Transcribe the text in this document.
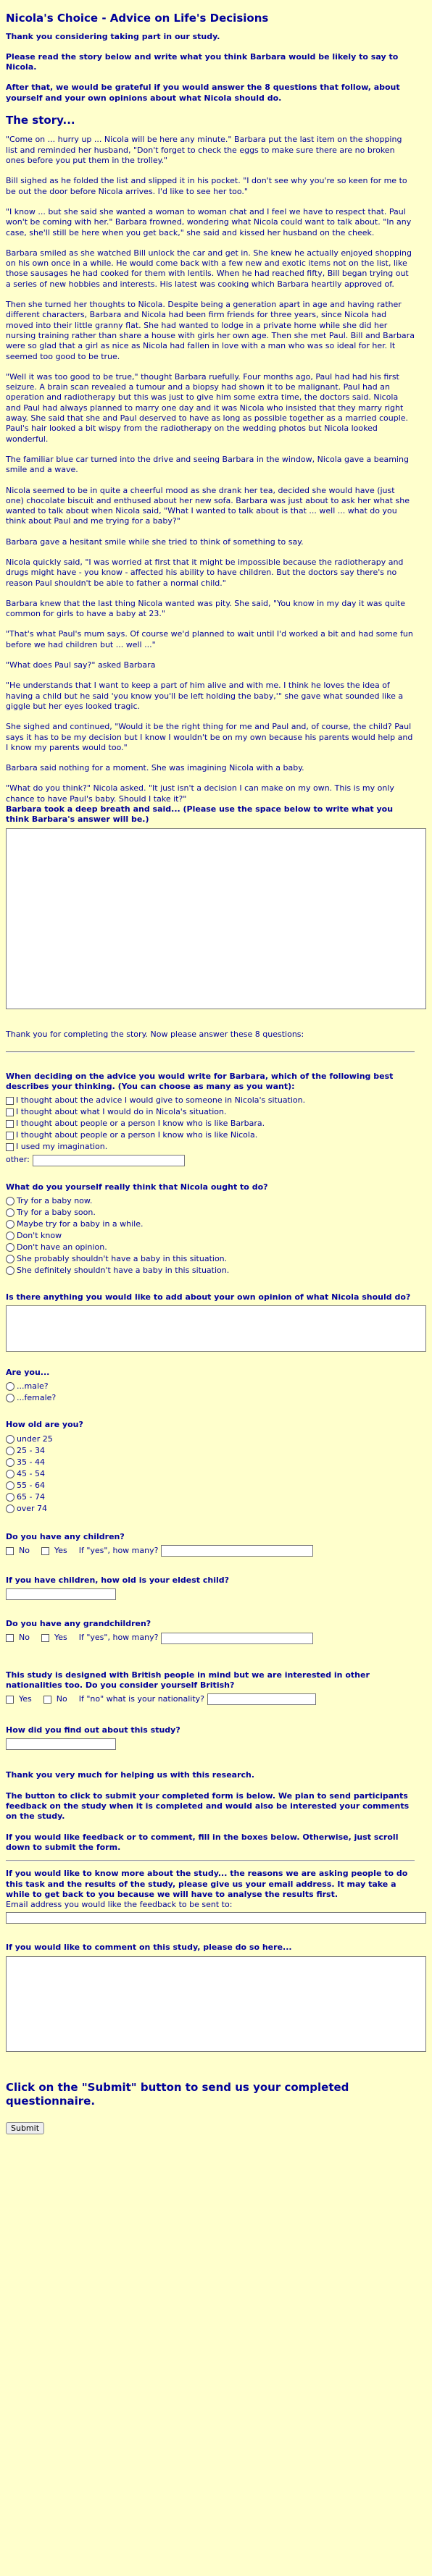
Nicola's Choice - Advice on Life's Decisions

Thank you considering taking part in our study.

Please read the story below and write what you think Barbara would be likely to say to Nicola.

After that, we would be grateful if you would answer the 8 questions that follow, about yourself and your own opinions about what Nicola should do.

The story...

"Come on ... hurry up ... Nicola will be here any minute." Barbara put the last item on the shopping list and reminded her husband, "Don't forget to check the eggs to make sure there are no broken ones before you put them in the trolley."

Bill sighed as he folded the list and slipped it in his pocket. "I don't see why you're so keen for me to be out the door before Nicola arrives. I'd like to see her too."

"I know ... but she said she wanted a woman to woman chat and I feel we have to respect that. Paul won't be coming with her." Barbara frowned, wondering what Nicola could want to talk about. "In any case, she'll still be here when you get back," she said and kissed her husband on the cheek.

Barbara smiled as she watched Bill unlock the car and get in. She knew he actually enjoyed shopping on his own once in a while. He would come back with a few new and exotic items not on the list, like those sausages he had cooked for them with lentils. When he had reached fifty, Bill began trying out a series of new hobbies and interests. His latest was cooking which Barbara heartily approved of.

Then she turned her thoughts to Nicola. Despite being a generation apart in age and having rather different characters, Barbara and Nicola had been firm friends for three years, since Nicola had moved into their little granny flat. She had wanted to lodge in a private home while she did her nursing training rather than share a house with girls her own age. Then she met Paul. Bill and Barbara were so glad that a girl as nice as Nicola had fallen in love with a man who was so ideal for her. It seemed too good to be true.

"Well it was too good to be true," thought Barbara ruefully. Four months ago, Paul had had his first seizure. A brain scan revealed a tumour and a biopsy had shown it to be malignant. Paul had an operation and radiotherapy but this was just to give him some extra time, the doctors said. Nicola and Paul had always planned to marry one day and it was Nicola who insisted that they marry right away. She said that she and Paul deserved to have as long as possible together as a married couple. Paul's hair looked a bit wispy from the radiotherapy on the wedding photos but Nicola looked wonderful.

The familiar blue car turned into the drive and seeing Barbara in the window, Nicola gave a beaming smile and a wave.

Nicola seemed to be in quite a cheerful mood as she drank her tea, decided she would have (just one) chocolate biscuit and enthused about her new sofa. Barbara was just about to ask her what she wanted to talk about when Nicola said, "What I wanted to talk about is that ... well ... what do you think about Paul and me trying for a baby?"

Barbara gave a hesitant smile while she tried to think of something to say.

Nicola quickly said, "I was worried at first that it might be impossible because the radiotherapy and drugs might have - you know - affected his ability to have children. But the doctors say there's no reason Paul shouldn't be able to father a normal child."

Barbara knew that the last thing Nicola wanted was pity. She said, "You know in my day it was quite common for girls to have a baby at 23."

"That's what Paul's mum says. Of course we'd planned to wait until I'd worked a bit and had some fun before we had children but ... well ..."

"What does Paul say?" asked Barbara

"He understands that I want to keep a part of him alive and with me. I think he loves the idea of having a child but he said 'you know you'll be left holding the baby,'" she gave what sounded like a giggle but her eyes looked tragic.

She sighed and continued, "Would it be the right thing for me and Paul and, of course, the child? Paul says it has to be my decision but I know I wouldn't be on my own because his parents would help and I know my parents would too."

Barbara said nothing for a moment. She was imagining Nicola with a baby.

"What do you think?" Nicola asked. "It just isn't a decision I can make on my own. This is my only chance to have Paul's baby. Should I take it?"

Barbara took a deep breath and said... (Please use the space below to write what you think Barbara's answer will be.)

Thank you for completing the story. Now please answer these 8 questions:

When deciding on the advice you would write for Barbara, which of the following best describes your thinking. (You can choose as many as you want):
I thought about the advice I would give to someone in Nicola's situation.
I thought about what I would do in Nicola's situation.
I thought about people or a person I know who is like Barbara.
I thought about people or a person I know who is like Nicola.
I used my imagination.
other:
What do you yourself really think that Nicola ought to do?
Try for a baby now.
Try for a baby soon.
Maybe try for a baby in a while.
Don't know
Don't have an opinion.
She probably shouldn't have a baby in this situation.
She definitely shouldn't have a baby in this situation.
Is there anything you would like to add about your own opinion of what Nicola should do?
Are you...
...male?
...female?
How old are you?
under 25
25 - 34
35 - 44
45 - 54
55 - 64
65 - 74
over 74
Do you have any children?
No	Yes If "yes", how many?
If you have children, how old is your eldest child?
Do you have any grandchildren?
No	Yes If "yes", how many?
This study is designed with British people in mind but we are interested in other nationalities too. Do you consider yourself British?
Yes	No If "no" what is your nationality?
How did you find out about this study?

Thank you very much for helping us with this research.

The button to click to submit your completed form is below. We plan to send participants feedback on the study when it is completed and would also be interested your comments on the study.

If you would like feedback or to comment, fill in the boxes below. Otherwise, just scroll down to submit the form.

If you would like to know more about the study... the reasons we are asking people to do this task and the results of the study, please give us your email address. It may take a while to get back to you because we will have to analyse the results first.

Email address you would like the feedback to be sent to:
If you would like to comment on this study, please do so here...
Click on the "Submit" button to send us your completed questionnaire.
Submit
